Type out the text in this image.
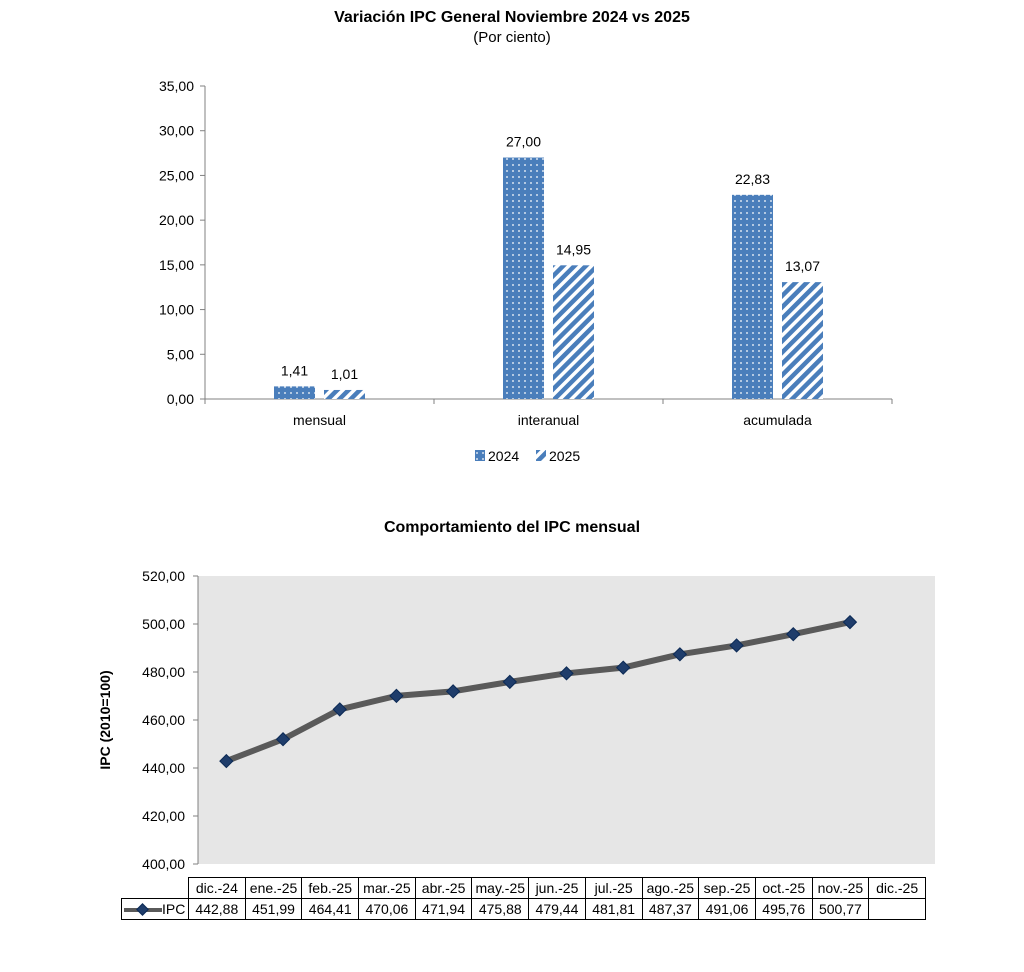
Variación IPC General Noviembre 2024 vs 2025
(Por ciento)
0,00
5,00
10,00
15,00
20,00
25,00
30,00
35,00
mensual	interanual	acumulada
1,41 1,01
27,00
14,95
22,83
13,07
2024 2025
Comportamiento del IPC mensual
400,00
420,00
440,00
460,00
480,00
500,00
520,00
IPC (2010=100)
	dic.-24	ene.-25	feb.-25	mar.-25	abr.-25	may.-25	jun.-25	jul.-25	ago.-25	sep.-25	oct.-25	nov.-25	dic.-25
IPC	442,88	451,99	464,41	470,06	471,94	475,88	479,44	481,81	487,37	491,06	495,76	500,77	
